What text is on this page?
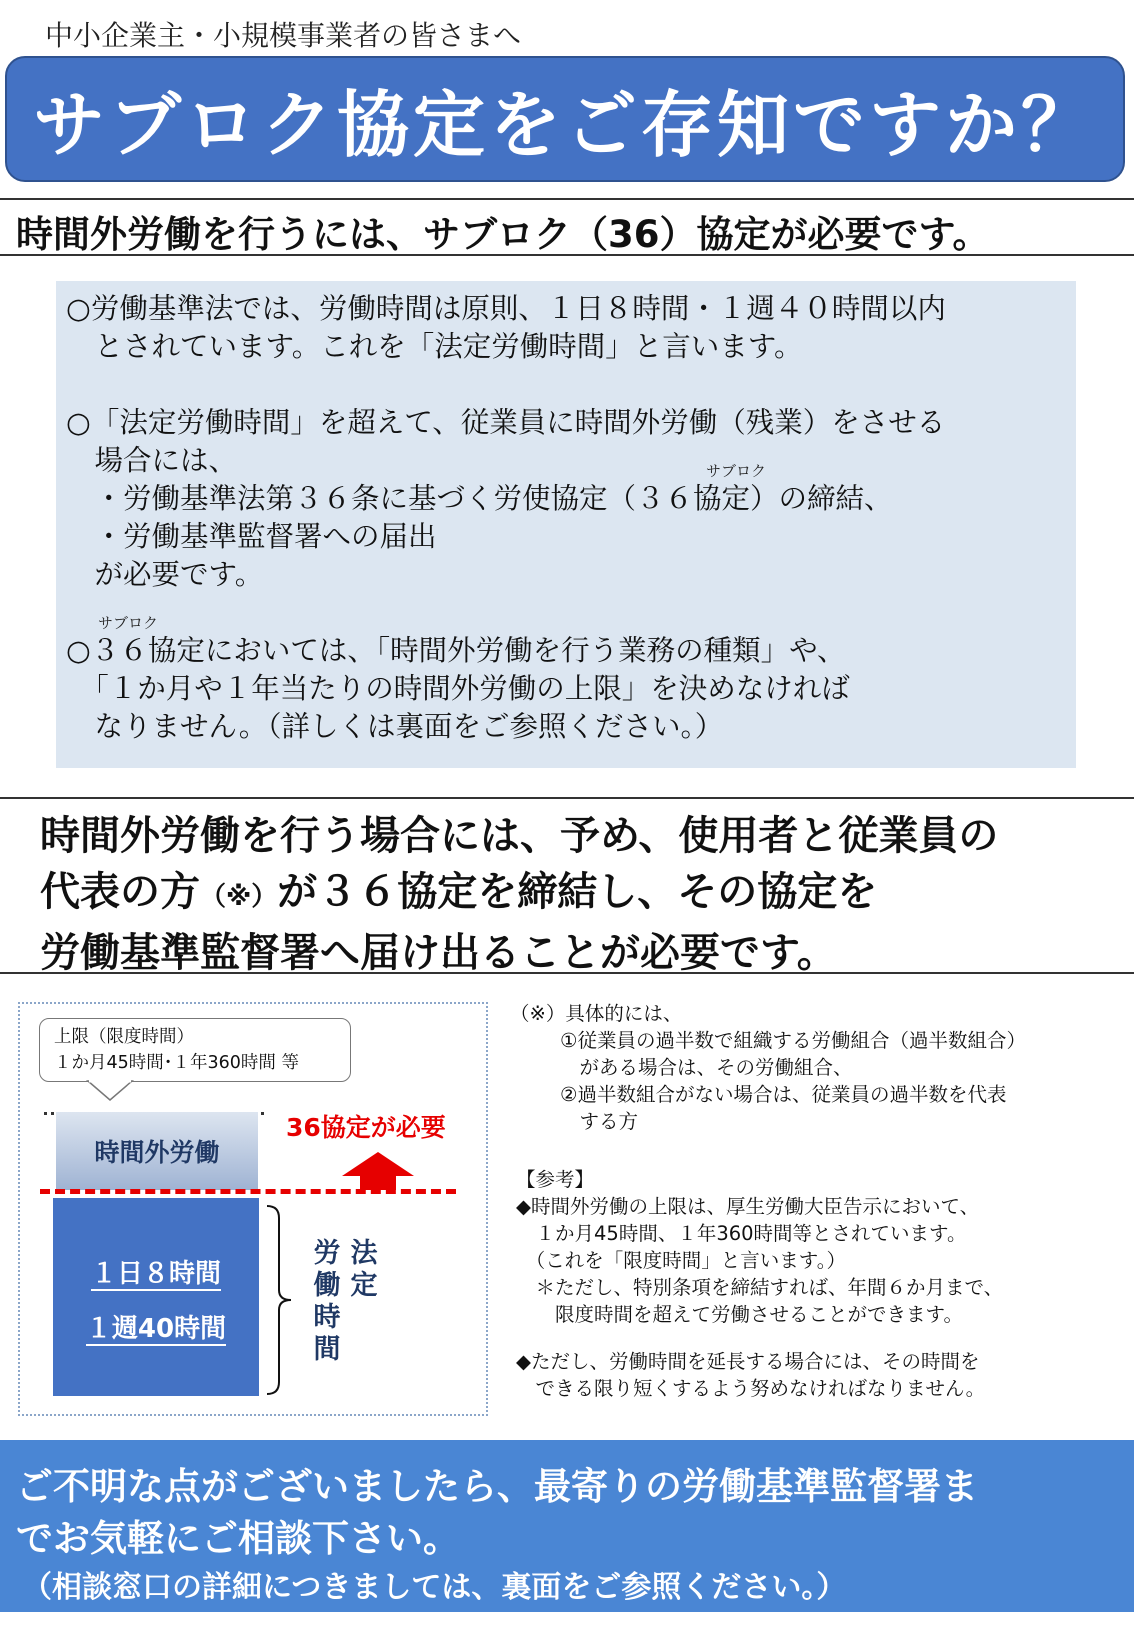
中小企業主・小規模事業者の皆さまへ
サブロク協定をご存知ですか？
時間外労働を行うには、サブロク（36）協定が必要です。
○労働基準法では、労働時間は原則、１日８時間・１週４０時間以内
　とされています。これを「法定労働時間」と言います。
○「法定労働時間」を超えて、従業員に時間外労働（残業）をさせる
　場合には、	サブロク
　・労働基準法第３６条に基づく労使協定（３６協定）の締結、
　・労働基準監督署への届出
　が必要です。
サブロク
○３６協定においては、「時間外労働を行う業務の種類」や、
　「１か月や１年当たりの時間外労働の上限」を決めなければ
　なりません。（詳しくは裏面をご参照ください。）
時間外労働を行う場合には、予め、使用者と従業員の
代表の方（※）が３６協定を締結し、その協定を
労働基準監督署へ届け出ることが必要です。
上限（限度時間）
１か月45時間･１年360時間 等
時間外労働
36協定が必要
１日８時間
１週40時間
労
働
時
間
法
定
（※）具体的には、
①従業員の過半数で組織する労働組合（過半数組合）
　がある場合は、その労働組合、
②過半数組合がない場合は、従業員の過半数を代表
　する方
【参考】
◆時間外労働の上限は、厚生労働大臣告示において、
　１か月45時間、１年360時間等とされています。
　（これを「限度時間」と言います。）
　＊ただし、特別条項を締結すれば、年間６か月まで、
　　限度時間を超えて労働させることができます。
◆ただし、労働時間を延長する場合には、その時間を
　できる限り短くするよう努めなければなりません。
ご不明な点がございましたら、最寄りの労働基準監督署ま
でお気軽にご相談下さい。
（相談窓口の詳細につきましては、裏面をご参照ください。）
